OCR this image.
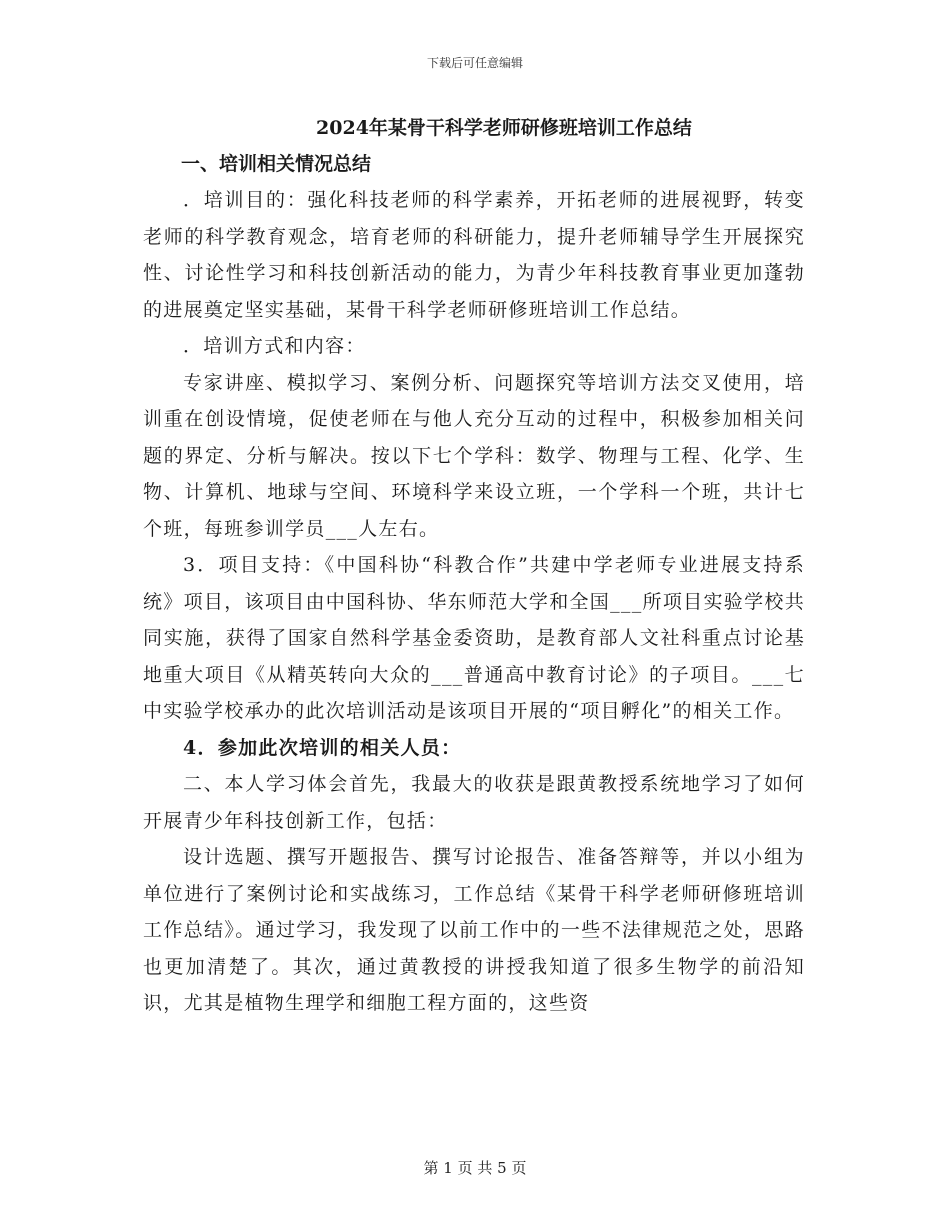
下载后可任意编辑
2024年某骨干科学老师研修班培训工作总结
一、培训相关情况总结

．培训目的：强化科技老师的科学素养，开拓老师的进展视野，转变老师的科学教育观念，培育老师的科研能力，提升老师辅导学生开展探究性、讨论性学习和科技创新活动的能力，为青少年科技教育事业更加蓬勃的进展奠定坚实基础，某骨干科学老师研修班培训工作总结。

．培训方式和内容：

专家讲座、模拟学习、案例分析、问题探究等培训方法交叉使用，培训重在创设情境，促使老师在与他人充分互动的过程中，积极参加相关问题的界定、分析与解决。按以下七个学科：数学、物理与工程、化学、生物、计算机、地球与空间、环境科学来设立班，一个学科一个班，共计七个班，每班参训学员___人左右。

3．项目支持：《中国科协“科教合作”共建中学老师专业进展支持系统》项目，该项目由中国科协、华东师范大学和全国___所项目实验学校共同实施，获得了国家自然科学基金委资助，是教育部人文社科重点讨论基地重大项目《从精英转向大众的___普通高中教育讨论》的子项目。___七中实验学校承办的此次培训活动是该项目开展的“项目孵化”的相关工作。

4．参加此次培训的相关人员：

二、本人学习体会首先，我最大的收获是跟黄教授系统地学习了如何开展青少年科技创新工作，包括：

设计选题、撰写开题报告、撰写讨论报告、准备答辩等，并以小组为单位进行了案例讨论和实战练习，工作总结《某骨干科学老师研修班培训工作总结》。通过学习，我发现了以前工作中的一些不法律规范之处，思路也更加清楚了。其次，通过黄教授的讲授我知道了很多生物学的前沿知识，尤其是植物生理学和细胞工程方面的，这些资

第 1 页 共 5 页
